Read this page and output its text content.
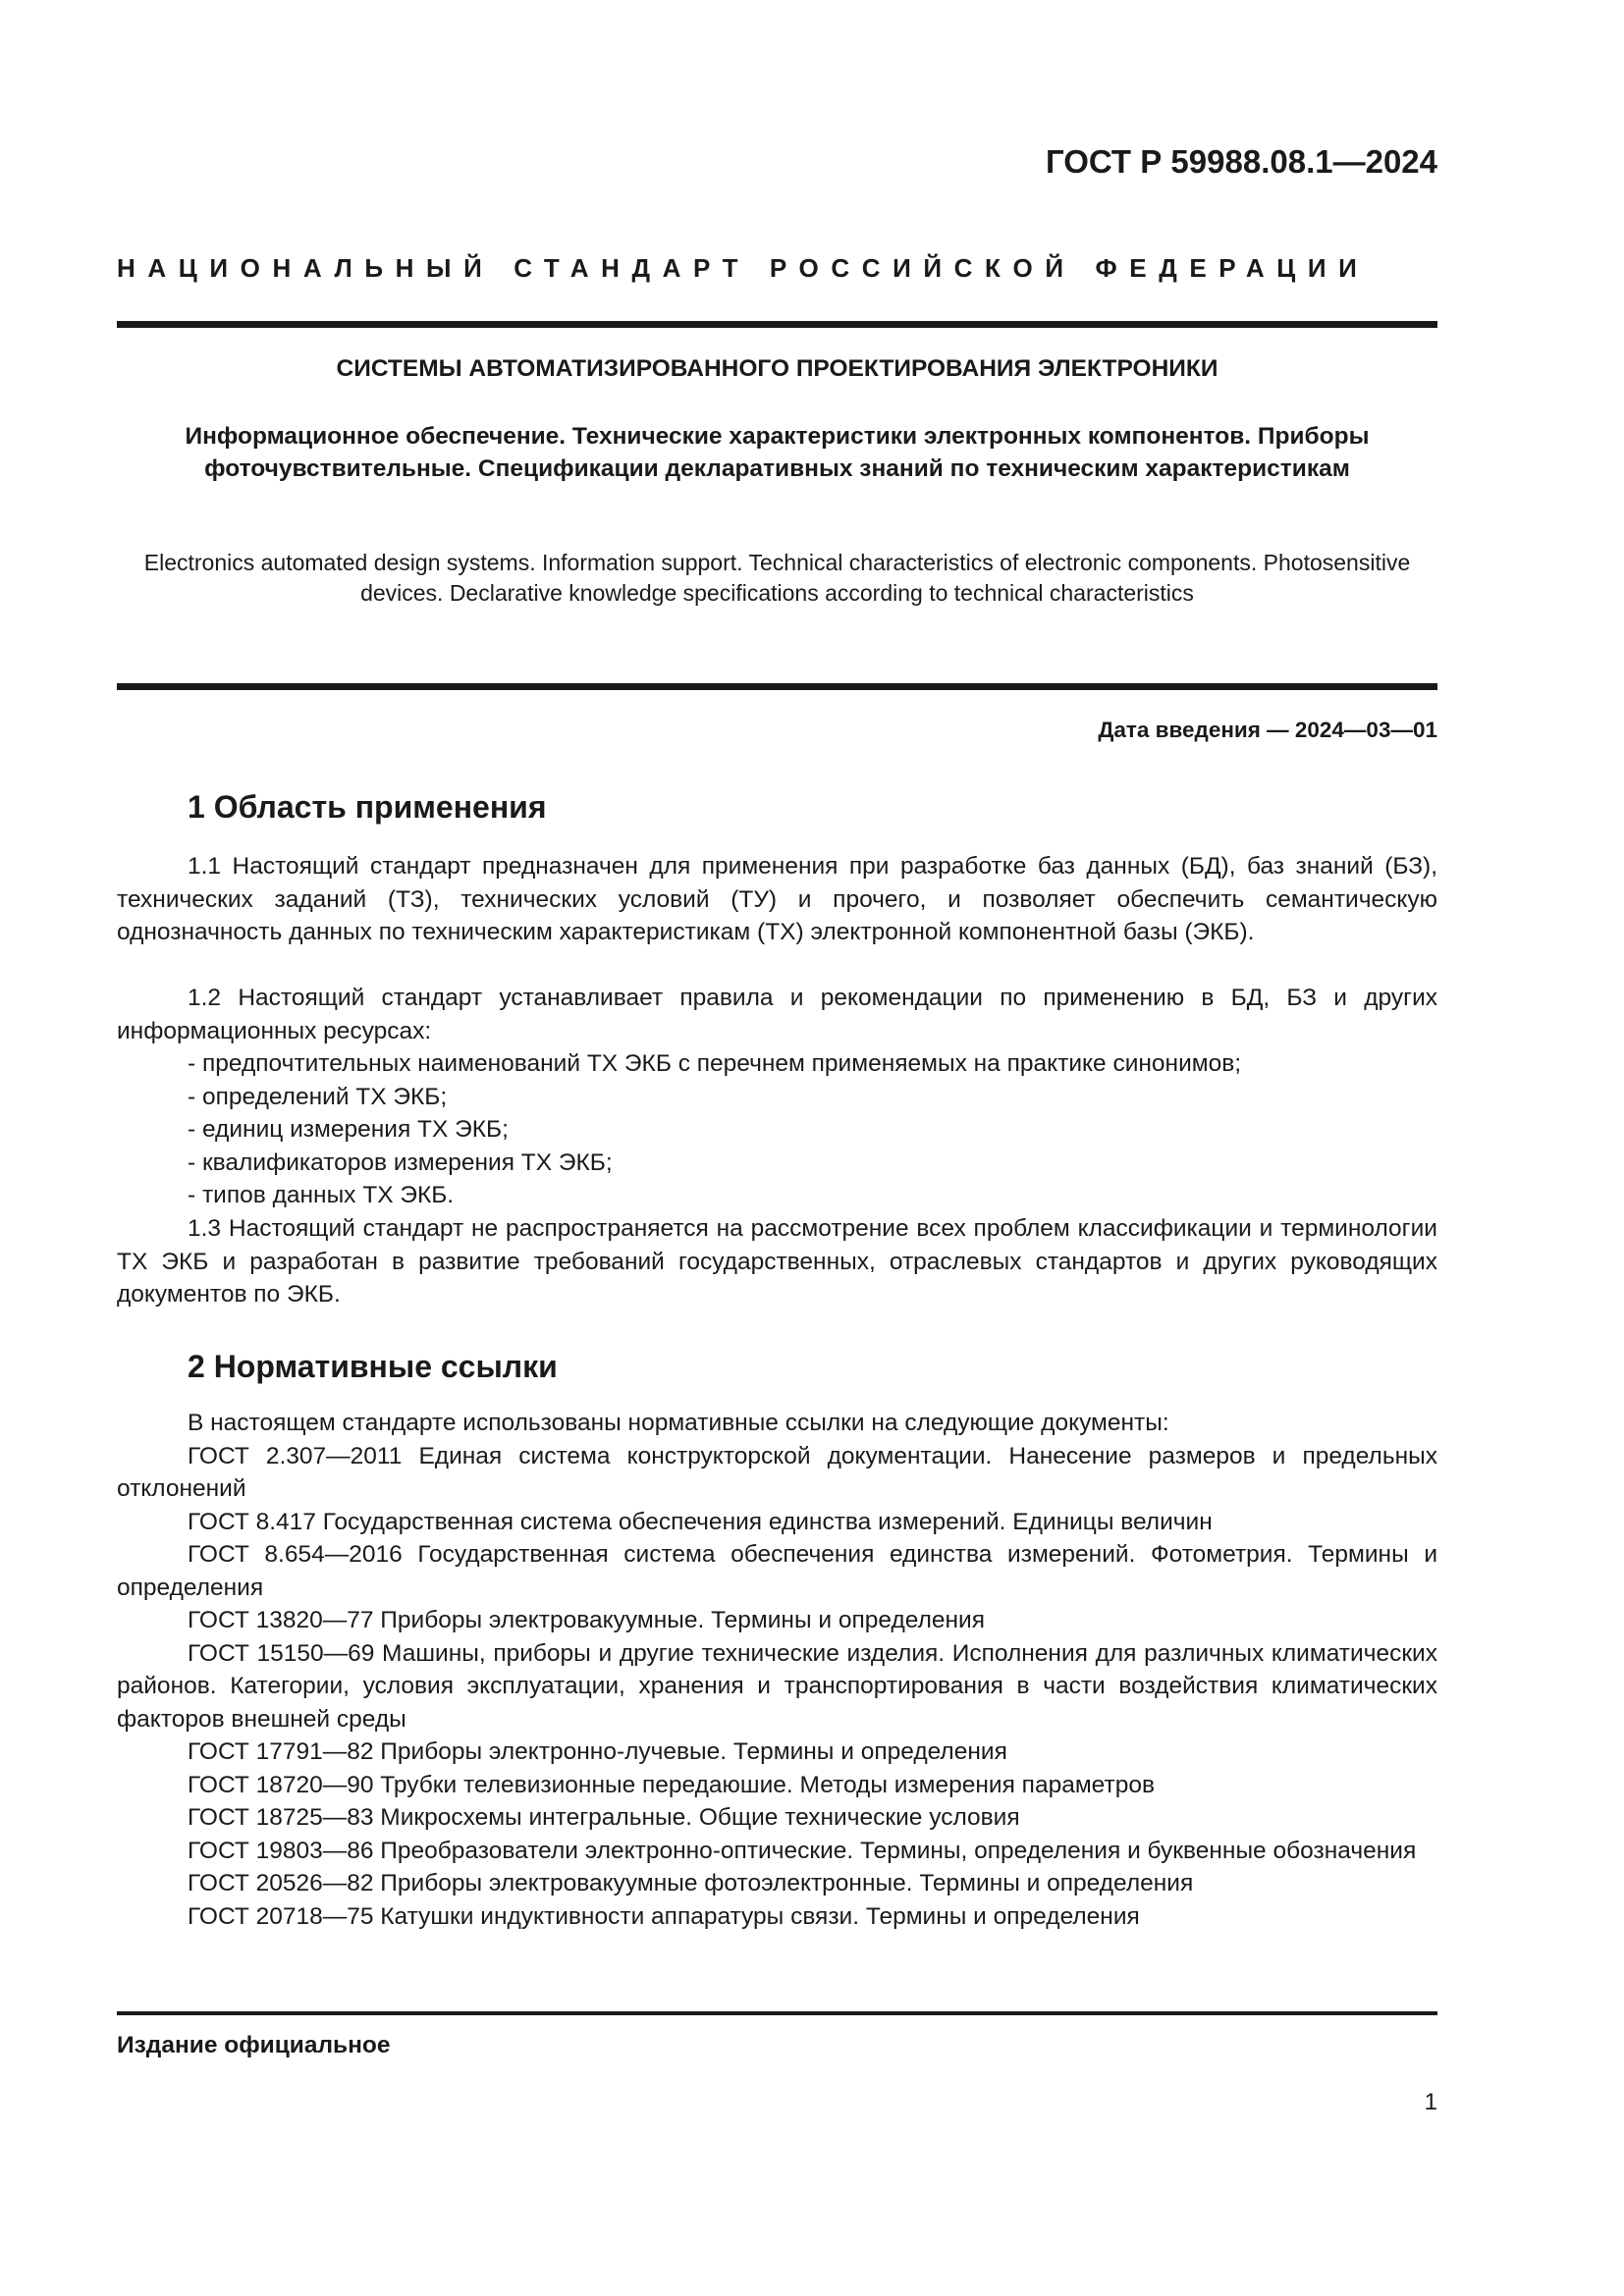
ГОСТ Р 59988.08.1—2024
НАЦИОНАЛЬНЫЙ СТАНДАРТ РОССИЙСКОЙ ФЕДЕРАЦИИ
СИСТЕМЫ АВТОМАТИЗИРОВАННОГО ПРОЕКТИРОВАНИЯ ЭЛЕКТРОНИКИ
Информационное обеспечение. Технические характеристики электронных компонентов. Приборы фоточувствительные. Спецификации декларативных знаний по техническим характеристикам
Electronics automated design systems. Information support. Technical characteristics of electronic components. Photosensitive devices. Declarative knowledge specifications according to technical characteristics
Дата введения — 2024—03—01
1 Область применения
1.1 Настоящий стандарт предназначен для применения при разработке баз данных (БД), баз знаний (БЗ), технических заданий (ТЗ), технических условий (ТУ) и прочего, и позволяет обеспечить семантическую однозначность данных по техническим характеристикам (ТХ) электронной компонентной базы (ЭКБ).
1.2 Настоящий стандарт устанавливает правила и рекомендации по применению в БД, БЗ и других информационных ресурсах:
- предпочтительных наименований ТХ ЭКБ с перечнем применяемых на практике синонимов;
- определений ТХ ЭКБ;
- единиц измерения ТХ ЭКБ;
- квалификаторов измерения ТХ ЭКБ;
- типов данных ТХ ЭКБ.
1.3 Настоящий стандарт не распространяется на рассмотрение всех проблем классификации и терминологии ТХ ЭКБ и разработан в развитие требований государственных, отраслевых стандартов и других руководящих документов по ЭКБ.
2 Нормативные ссылки

В настоящем стандарте использованы нормативные ссылки на следующие документы:

ГОСТ 2.307—2011 Единая система конструкторской документации. Нанесение размеров и предельных отклонений

ГОСТ 8.417 Государственная система обеспечения единства измерений. Единицы величин

ГОСТ 8.654—2016 Государственная система обеспечения единства измерений. Фотометрия. Термины и определения

ГОСТ 13820—77 Приборы электровакуумные. Термины и определения

ГОСТ 15150—69 Машины, приборы и другие технические изделия. Исполнения для различных климатических районов. Категории, условия эксплуатации, хранения и транспортирования в части воздействия климатических факторов внешней среды

ГОСТ 17791—82 Приборы электронно-лучевые. Термины и определения

ГОСТ 18720—90 Трубки телевизионные передаюшие. Методы измерения параметров

ГОСТ 18725—83 Микросхемы интегральные. Общие технические условия

ГОСТ 19803—86 Преобразователи электронно-оптические. Термины, определения и буквенные обозначения

ГОСТ 20526—82 Приборы электровакуумные фотоэлектронные. Термины и определения

ГОСТ 20718—75 Катушки индуктивности аппаратуры связи. Термины и определения

Издание официальное
1
